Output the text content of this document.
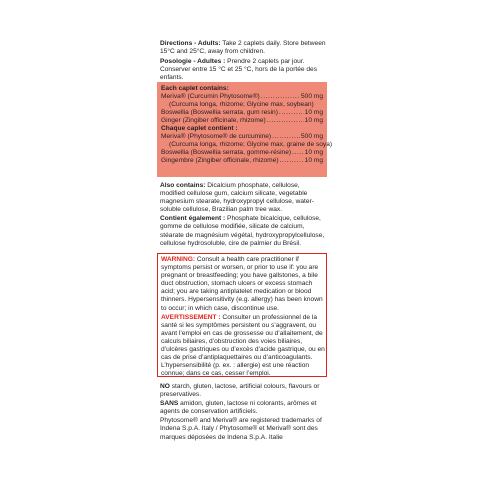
Directions - Adults: Take 2 caplets daily. Store between 15°C and 25°C, away from children.

Posologie - Adultes : Prendre 2 caplets par jour. Conserver entre 15 °C et 25 °C, hors de la portée des enfants.

Each caplet contains:
Meriva® (Curcumin Phytosome®) .....	500 mg
(Curcuma longa, rhizome; Glycine max, soybean)
Boswellia (Boswellia serrata, gum resin) .....	10 mg
Ginger (Zingiber officinale, rhizome) .....	10 mg
Chaque caplet contient :
Meriva® (Phytosome® de curcumine) .....	500 mg
(Curcuma longa, rhizome; Glycine max, graine de soya)
Boswellia (Boswellia serrata, gomme-résine) ..... 10 mg
Gingembre (Zingiber officinale, rhizome) .....	10 mg

Also contains: Dicalcium phosphate, cellulose, modified cellulose gum, calcium silicate, vegetable magnesium stearate, hydroxypropyl cellulose, water-soluble cellulose, Brazilian palm tree wax.

Contient également : Phosphate bicalcique, cellulose, gomme de cellulose modifiée, silicate de calcium, stéarate de magnésium végétal, hydroxypropylcellulose, cellulose hydrosoluble, cire de palmier du Brésil.

WARNING: Consult a health care practitioner if symptoms persist or worsen, or prior to use if: you are pregnant or breastfeeding; you have gallstones, a bile duct obstruction, stomach ulcers or excess stomach acid; you are taking antiplatelet medication or blood thinners. Hypersensitivity (e.g. allergy) has been known to occur; in which case, discontinue use.

AVERTISSEMENT : Consulter un professionnel de la santé si les symptômes persistent ou s’aggravent, ou avant l’emploi en cas de grossesse ou d’allaitement, de calculs biliaires, d’obstruction des voies biliaires, d’ulcères gastriques ou d’excès d’acide gastrique, ou en cas de prise d’antiplaquettaires ou d’anticoagulants. L’hypersensibilité (p. ex. : allergie) est une réaction connue; dans ce cas, cesser l’emploi.

NO starch, gluten, lactose, artificial colours, flavours or preservatives.

SANS amidon, gluten, lactose ni colorants, arômes et agents de conservation artificiels.

Phytosome® and Meriva® are registered trademarks of Indena S.p.A. Italy / Phytosome® et Meriva® sont des marques déposées de Indena S.p.A. Italie
